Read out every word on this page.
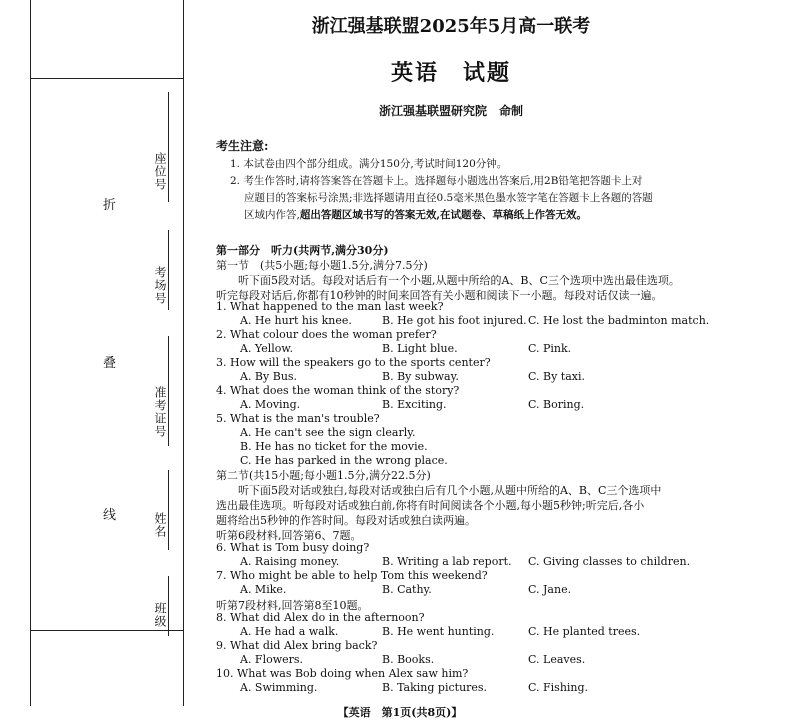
折
叠
线
座位号
考场号
准考证号
姓名
班级
浙江强基联盟2025年5月高一联考
英语　试题
浙江强基联盟研究院　命制
考生注意:

1. 本试卷由四个部分组成。满分150分,考试时间120分钟。

2. 考生作答时,请将答案答在答题卡上。选择题每小题选出答案后,用2B铅笔把答题卡上对

应题目的答案标号涂黑;非选择题请用直径0.5毫米黑色墨水签字笔在答题卡上各题的答题

区域内作答,超出答题区域书写的答案无效,在试题卷、草稿纸上作答无效。

第一部分　听力(共两节,满分30分)
第一节　(共5小题;每小题1.5分,满分7.5分)
听下面5段对话。每段对话后有一个小题,从题中所给的A、B、C三个选项中选出最佳选项。
听完每段对话后,你都有10秒钟的时间来回答有关小题和阅读下一小题。每段对话仅读一遍。
1. What happened to the man last week?
A. He hurt his knee.	B. He got his foot injured. C. He lost the badminton match.
2. What colour does the woman prefer?
A. Yellow.	B. Light blue.	C. Pink.
3. How will the speakers go to the sports center?
A. By Bus.	B. By subway.	C. By taxi.
4. What does the woman think of the story?
A. Moving.	B. Exciting.	C. Boring.
5. What is the man's trouble?
A. He can't see the sign clearly.
B. He has no ticket for the movie.
C. He has parked in the wrong place.
第二节(共15小题;每小题1.5分,满分22.5分)
听下面5段对话或独白,每段对话或独白后有几个小题,从题中所给的A、B、C三个选项中
选出最佳选项。听每段对话或独白前,你将有时间阅读各个小题,每小题5秒钟;听完后,各小
题将给出5秒钟的作答时间。每段对话或独白读两遍。
听第6段材料,回答第6、7题。
6. What is Tom busy doing?
A. Raising money.	B. Writing a lab report. C. Giving classes to children.
7. Who might be able to help Tom this weekend?
A. Mike.	B. Cathy.	C. Jane.
听第7段材料,回答第8至10题。
8. What did Alex do in the afternoon?
A. He had a walk.	B. He went hunting.	C. He planted trees.
9. What did Alex bring back?
A. Flowers.	B. Books.	C. Leaves.
10. What was Bob doing when Alex saw him?
A. Swimming.	B. Taking pictures.	C. Fishing.
【英语　第1页(共8页)】
